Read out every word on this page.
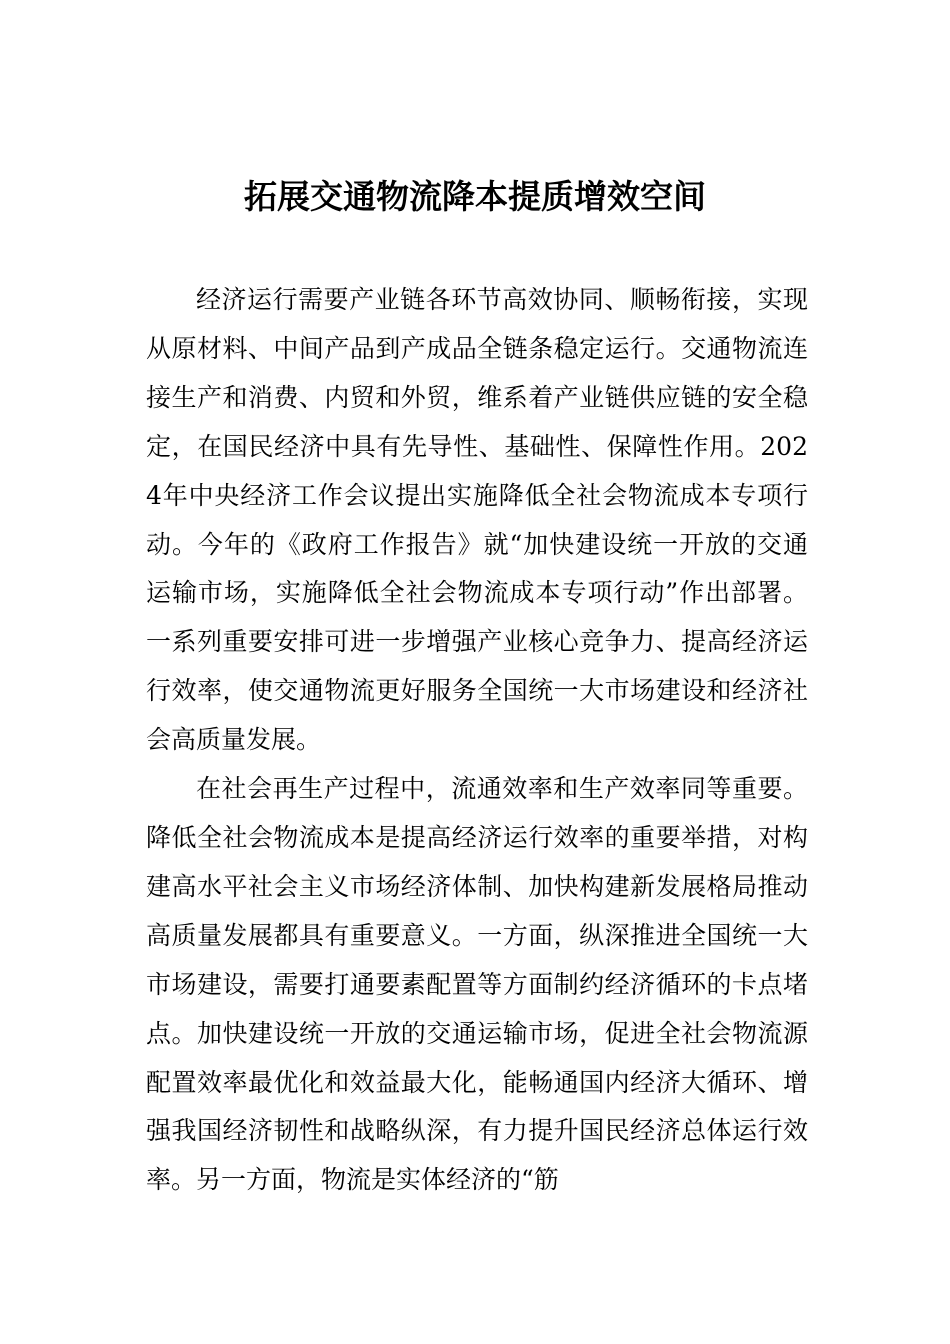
拓展交通物流降本提质增效空间

经济运行需要产业链各环节高效协同、顺畅衔接，实现从原材料、中间产品到产成品全链条稳定运行。交通物流连接生产和消费、内贸和外贸，维系着产业链供应链的安全稳定，在国民经济中具有先导性、基础性、保障性作用。2024年中央经济工作会议提出实施降低全社会物流成本专项行动。今年的《政府工作报告》就“加快建设统一开放的交通运输市场，实施降低全社会物流成本专项行动”作出部署。一系列重要安排可进一步增强产业核心竞争力、提高经济运行效率，使交通物流更好服务全国统一大市场建设和经济社会高质量发展。

在社会再生产过程中，流通效率和生产效率同等重要。降低全社会物流成本是提高经济运行效率的重要举措，对构建高水平社会主义市场经济体制、加快构建新发展格局推动高质量发展都具有重要意义。一方面，纵深推进全国统一大市场建设，需要打通要素配置等方面制约经济循环的卡点堵点。加快建设统一开放的交通运输市场，促进全社会物流源配置效率最优化和效益最大化，能畅通国内经济大循环、增强我国经济韧性和战略纵深，有力提升国民经济总体运行效率。另一方面，物流是实体经济的“筋
